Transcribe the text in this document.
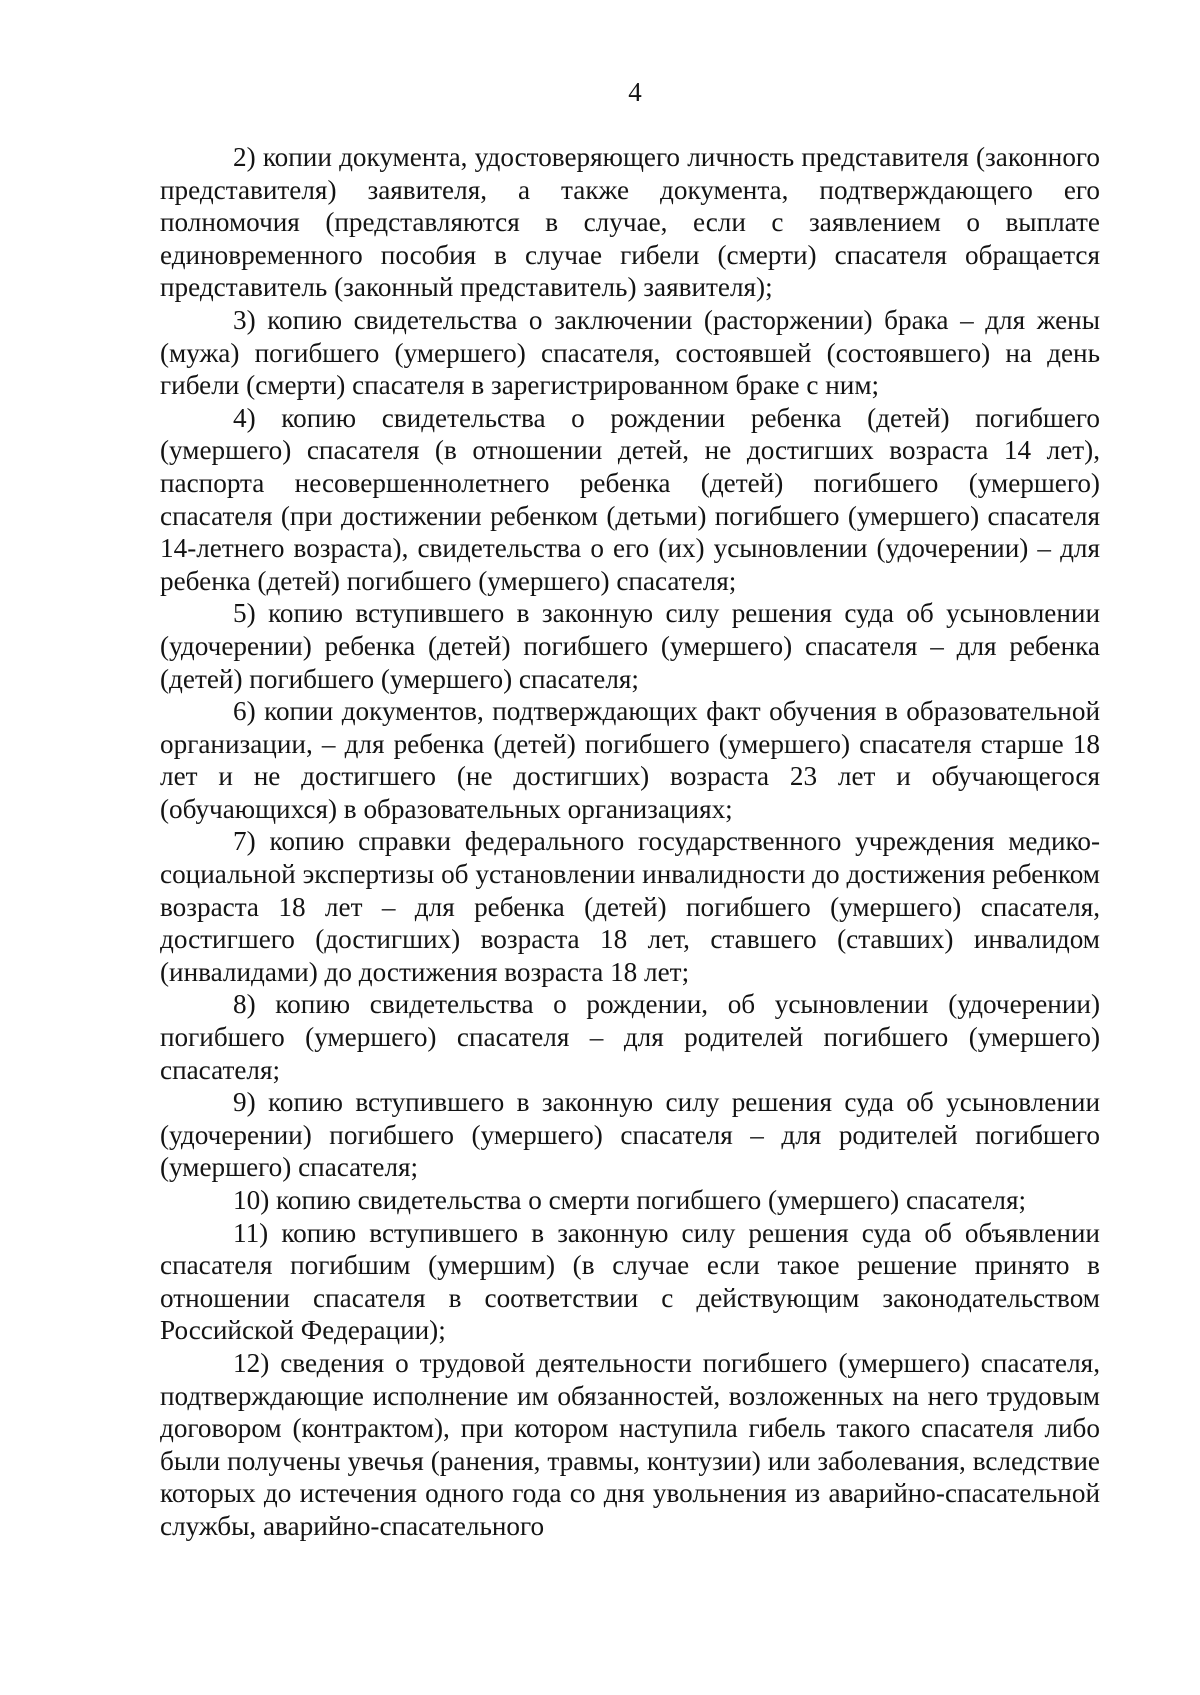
4

2) копии документа, удостоверяющего личность представителя (законного представителя) заявителя, а также документа, подтверждающего его полномочия (представляются в случае, если с заявлением о выплате единовременного пособия в случае гибели (смерти) спасателя обращается представитель (законный представитель) заявителя);

3) копию свидетельства о заключении (расторжении) брака – для жены (мужа) погибшего (умершего) спасателя, состоявшей (состоявшего) на день гибели (смерти) спасателя в зарегистрированном браке с ним;

4) копию свидетельства о рождении ребенка (детей) погибшего (умершего) спасателя (в отношении детей, не достигших возраста 14 лет), паспорта несовершеннолетнего ребенка (детей) погибшего (умершего) спасателя (при достижении ребенком (детьми) погибшего (умершего) спасателя 14-летнего возраста), свидетельства о его (их) усыновлении (удочерении) – для ребенка (детей) погибшего (умершего) спасателя;

5) копию вступившего в законную силу решения суда об усыновлении (удочерении) ребенка (детей) погибшего (умершего) спасателя – для ребенка (детей) погибшего (умершего) спасателя;

6) копии документов, подтверждающих факт обучения в образовательной организации, – для ребенка (детей) погибшего (умершего) спасателя старше 18 лет и не достигшего (не достигших) возраста 23 лет и обучающегося (обучающихся) в образовательных организациях;

7) копию справки федерального государственного учреждения медико-социальной экспертизы об установлении инвалидности до достижения ребенком возраста 18 лет – для ребенка (детей) погибшего (умершего) спасателя, достигшего (достигших) возраста 18 лет, ставшего (ставших) инвалидом (инвалидами) до достижения возраста 18 лет;

8) копию свидетельства о рождении, об усыновлении (удочерении) погибшего (умершего) спасателя – для родителей погибшего (умершего) спасателя;

9) копию вступившего в законную силу решения суда об усыновлении (удочерении) погибшего (умершего) спасателя – для родителей погибшего (умершего) спасателя;

10) копию свидетельства о смерти погибшего (умершего) спасателя;

11) копию вступившего в законную силу решения суда об объявлении спасателя погибшим (умершим) (в случае если такое решение принято в отношении спасателя в соответствии с действующим законодательством Российской Федерации);

12) сведения о трудовой деятельности погибшего (умершего) спасателя, подтверждающие исполнение им обязанностей, возложенных на него трудовым договором (контрактом), при котором наступила гибель такого спасателя либо были получены увечья (ранения, травмы, контузии) или заболевания, вследствие которых до истечения одного года со дня увольнения из аварийно-спасательной службы, аварийно-спасательного
